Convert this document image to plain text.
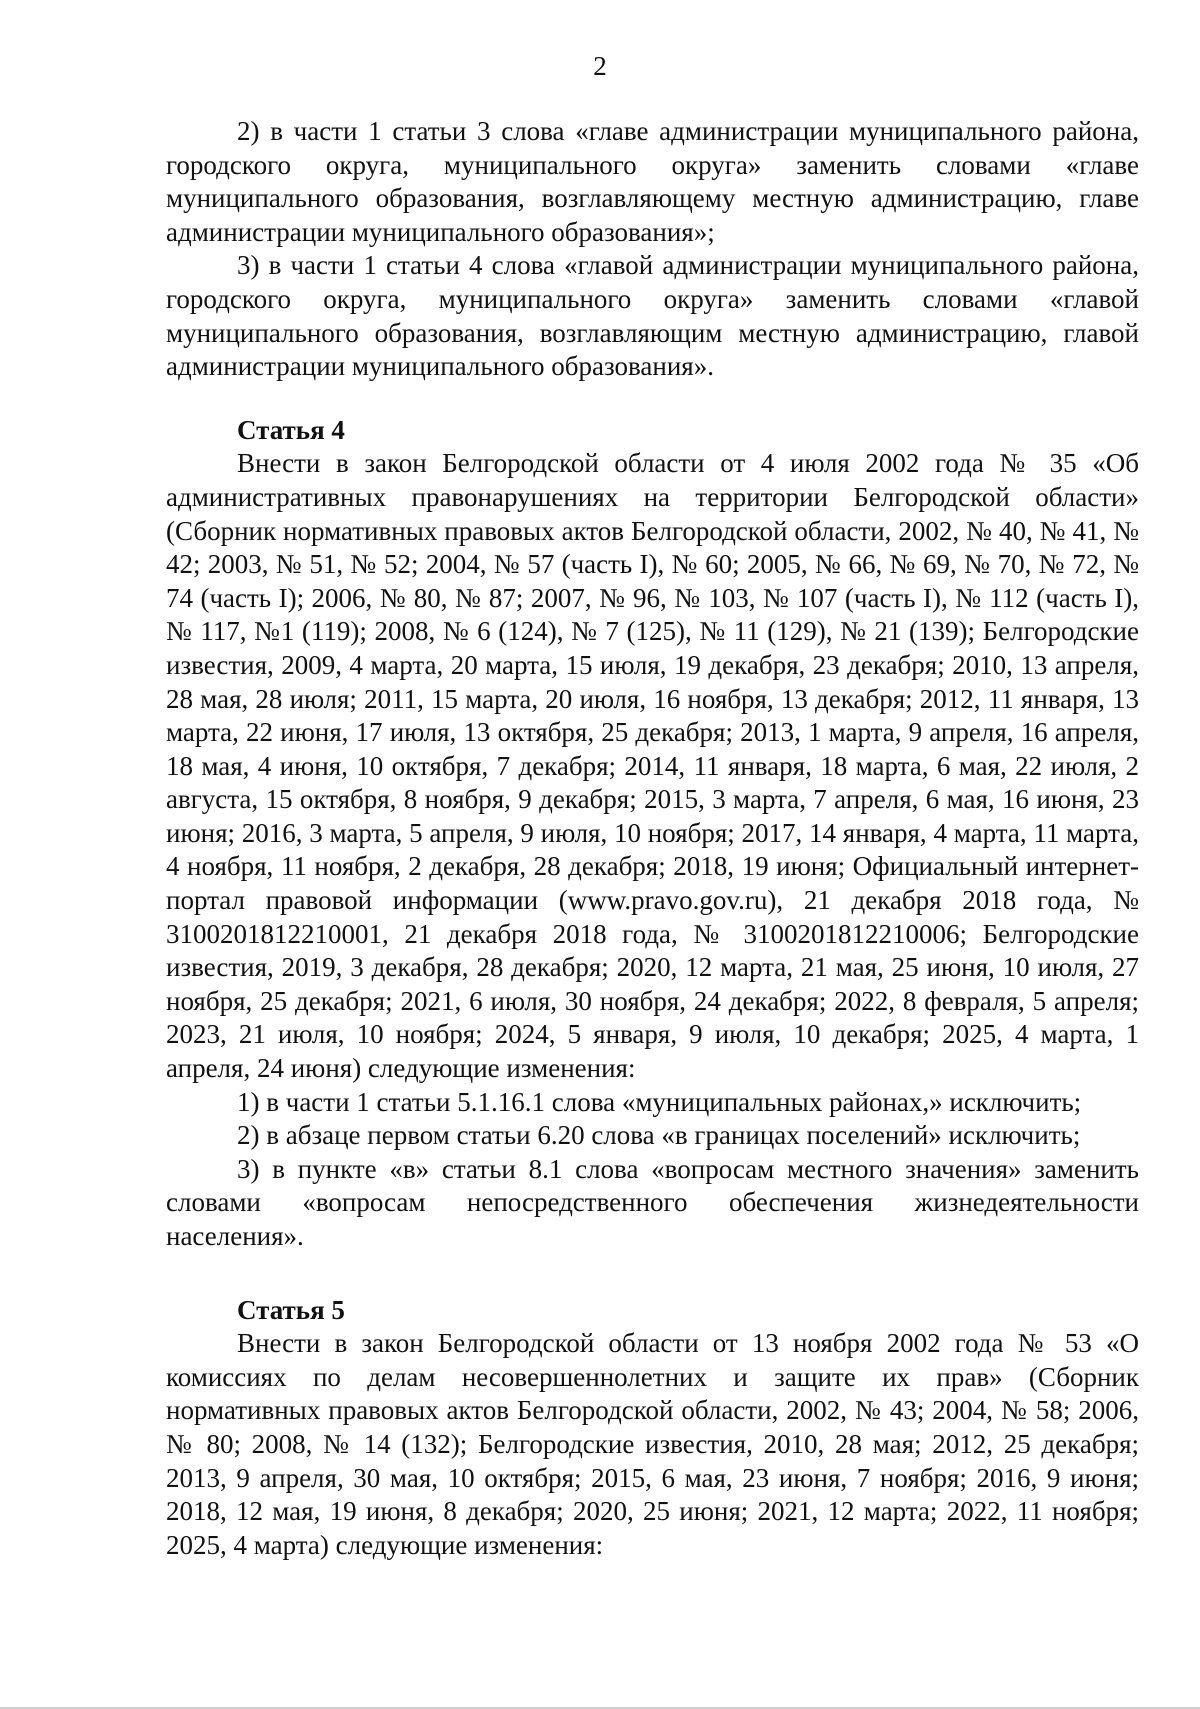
2

2) в части 1 статьи 3 слова «главе администрации муниципального района, городского округа, муниципального округа» заменить словами «главе муниципального образования, возглавляющему местную администрацию, главе администрации муниципального образования»;

3) в части 1 статьи 4 слова «главой администрации муниципального района, городского округа, муниципального округа» заменить словами «главой муниципального образования, возглавляющим местную администрацию, главой администрации муниципального образования».

Статья 4

Внести в закон Белгородской области от 4 июля 2002 года № 35 «Об административных правонарушениях на территории Белгородской области» (Сборник нормативных правовых актов Белгородской области, 2002, № 40, № 41, № 42; 2003, № 51, № 52; 2004, № 57 (часть I), № 60; 2005, № 66, № 69, № 70, № 72, № 74 (часть I); 2006, № 80, № 87; 2007, № 96, № 103, № 107 (часть I), № 112 (часть I), № 117, №1 (119); 2008, № 6 (124), № 7 (125), № 11 (129), № 21 (139); Белгородские известия, 2009, 4 марта, 20 марта, 15 июля, 19 декабря, 23 декабря; 2010, 13 апреля, 28 мая, 28 июля; 2011, 15 марта, 20 июля, 16 ноября, 13 декабря; 2012, 11 января, 13 марта, 22 июня, 17 июля, 13 октября, 25 декабря; 2013, 1 марта, 9 апреля, 16 апреля, 18 мая, 4 июня, 10 октября, 7 декабря; 2014, 11 января, 18 марта, 6 мая, 22 июля, 2 августа, 15 октября, 8 ноября, 9 декабря; 2015, 3 марта, 7 апреля, 6 мая, 16 июня, 23 июня; 2016, 3 марта, 5 апреля, 9 июля, 10 ноября; 2017, 14 января, 4 марта, 11 марта, 4 ноября, 11 ноября, 2 декабря, 28 декабря; 2018, 19 июня; Официальный интернет-портал правовой информации (www.pravo.gov.ru), 21 декабря 2018 года, № 3100201812210001, 21 декабря 2018 года, № 3100201812210006; Белгородские известия, 2019, 3 декабря, 28 декабря; 2020, 12 марта, 21 мая, 25 июня, 10 июля, 27 ноября, 25 декабря; 2021, 6 июля, 30 ноября, 24 декабря; 2022, 8 февраля, 5 апреля; 2023, 21 июля, 10 ноября; 2024, 5 января, 9 июля, 10 декабря; 2025, 4 марта, 1 апреля, 24 июня) следующие изменения:

1) в части 1 статьи 5.1.16.1 слова «муниципальных районах,» исключить;

2) в абзаце первом статьи 6.20 слова «в границах поселений» исключить;

3) в пункте «в» статьи 8.1 слова «вопросам местного значения» заменить словами «вопросам непосредственного обеспечения жизнедеятельности населения».

Статья 5

Внести в закон Белгородской области от 13 ноября 2002 года № 53 «О комиссиях по делам несовершеннолетних и защите их прав» (Сборник нормативных правовых актов Белгородской области, 2002, № 43; 2004, № 58; 2006, № 80; 2008, № 14 (132); Белгородские известия, 2010, 28 мая; 2012, 25 декабря; 2013, 9 апреля, 30 мая, 10 октября; 2015, 6 мая, 23 июня, 7 ноября; 2016, 9 июня; 2018, 12 мая, 19 июня, 8 декабря; 2020, 25 июня; 2021, 12 марта; 2022, 11 ноября; 2025, 4 марта) следующие изменения:
